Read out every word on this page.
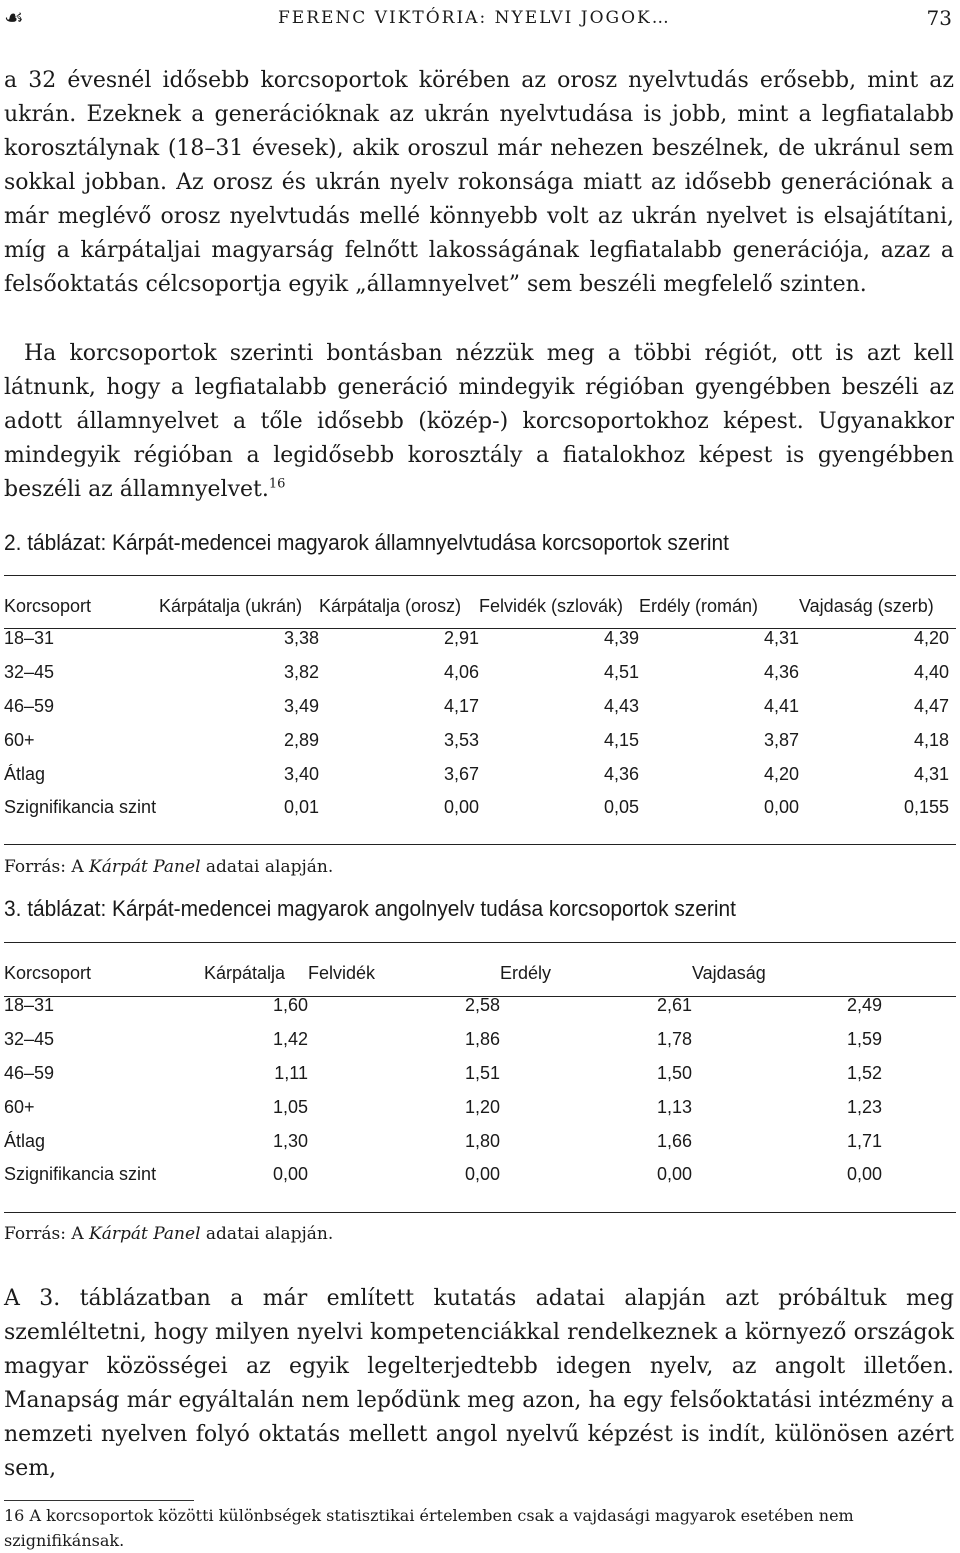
☙	FERENC VIKTÓRIA: NYELVI JOGOK…	73

a 32 évesnél idősebb korcsoportok körében az orosz nyelvtudás erősebb, mint az ukrán. Ezeknek a generációknak az ukrán nyelvtudása is jobb, mint a legfiatalabb korosztálynak (18–31 évesek), akik oroszul már nehezen beszélnek, de ukránul sem sokkal jobban. Az orosz és ukrán nyelv rokonsága miatt az idősebb generációnak a már meglévő orosz nyelvtudás mellé könnyebb volt az ukrán nyelvet is elsajátítani, míg a kárpátaljai magyarság felnőtt lakosságának legfiatalabb generációja, azaz a felsőoktatás célcsoportja egyik „államnyelvet” sem beszéli megfelelő szinten.

Ha korcsoportok szerinti bontásban nézzük meg a többi régiót, ott is azt kell látnunk, hogy a legfiatalabb generáció mindegyik régióban gyengébben beszéli az adott államnyelvet a tőle idősebb (közép-) korcsoportokhoz képest. Ugyanakkor mindegyik régióban a legidősebb korosztály a fiatalokhoz képest is gyengébben beszéli az államnyelvet.$^{16}$

2. táblázat: Kárpát-medencei magyarok államnyelvtudása korcsoportok szerint
Korcsoport	Kárpátalja (ukrán)	Kárpátalja (orosz)	Felvidék (szlovák)	Erdély (román)	Vajdaság (szerb)
18–31	3,38	2,91	4,39	4,31	4,20
32–45	3,82	4,06	4,51	4,36	4,40
46–59	3,49	4,17	4,43	4,41	4,47
60+	2,89	3,53	4,15	3,87	4,18
Átlag	3,40	3,67	4,36	4,20	4,31
Szignifikancia szint	0,01	0,00	0,05	0,00	0,155
Forrás: A Kárpát Panel adatai alapján.
3. táblázat: Kárpát-medencei magyarok angolnyelv tudása korcsoportok szerint
Korcsoport	Kárpátalja	Felvidék	Erdély	Vajdaság
18–31	1,60	2,58	2,61	2,49
32–45	1,42	1,86	1,78	1,59
46–59	1,11	1,51	1,50	1,52
60+	1,05	1,20	1,13	1,23
Átlag	1,30	1,80	1,66	1,71
Szignifikancia szint	0,00	0,00	0,00	0,00
Forrás: A Kárpát Panel adatai alapján.

A 3. táblázatban a már említett kutatás adatai alapján azt próbáltuk meg szemléltetni, hogy milyen nyelvi kompetenciákkal rendelkeznek a környező országok magyar közösségei az egyik legelterjedtebb idegen nyelv, az angolt illetően. Manapság már egyáltalán nem lepődünk meg azon, ha egy felsőoktatási intézmény a nemzeti nyelven folyó oktatás mellett angol nyelvű képzést is indít, különösen azért sem,

16 A korcsoportok közötti különbségek statisztikai értelemben csak a vajdasági magyarok esetében nem szignifikánsak.
